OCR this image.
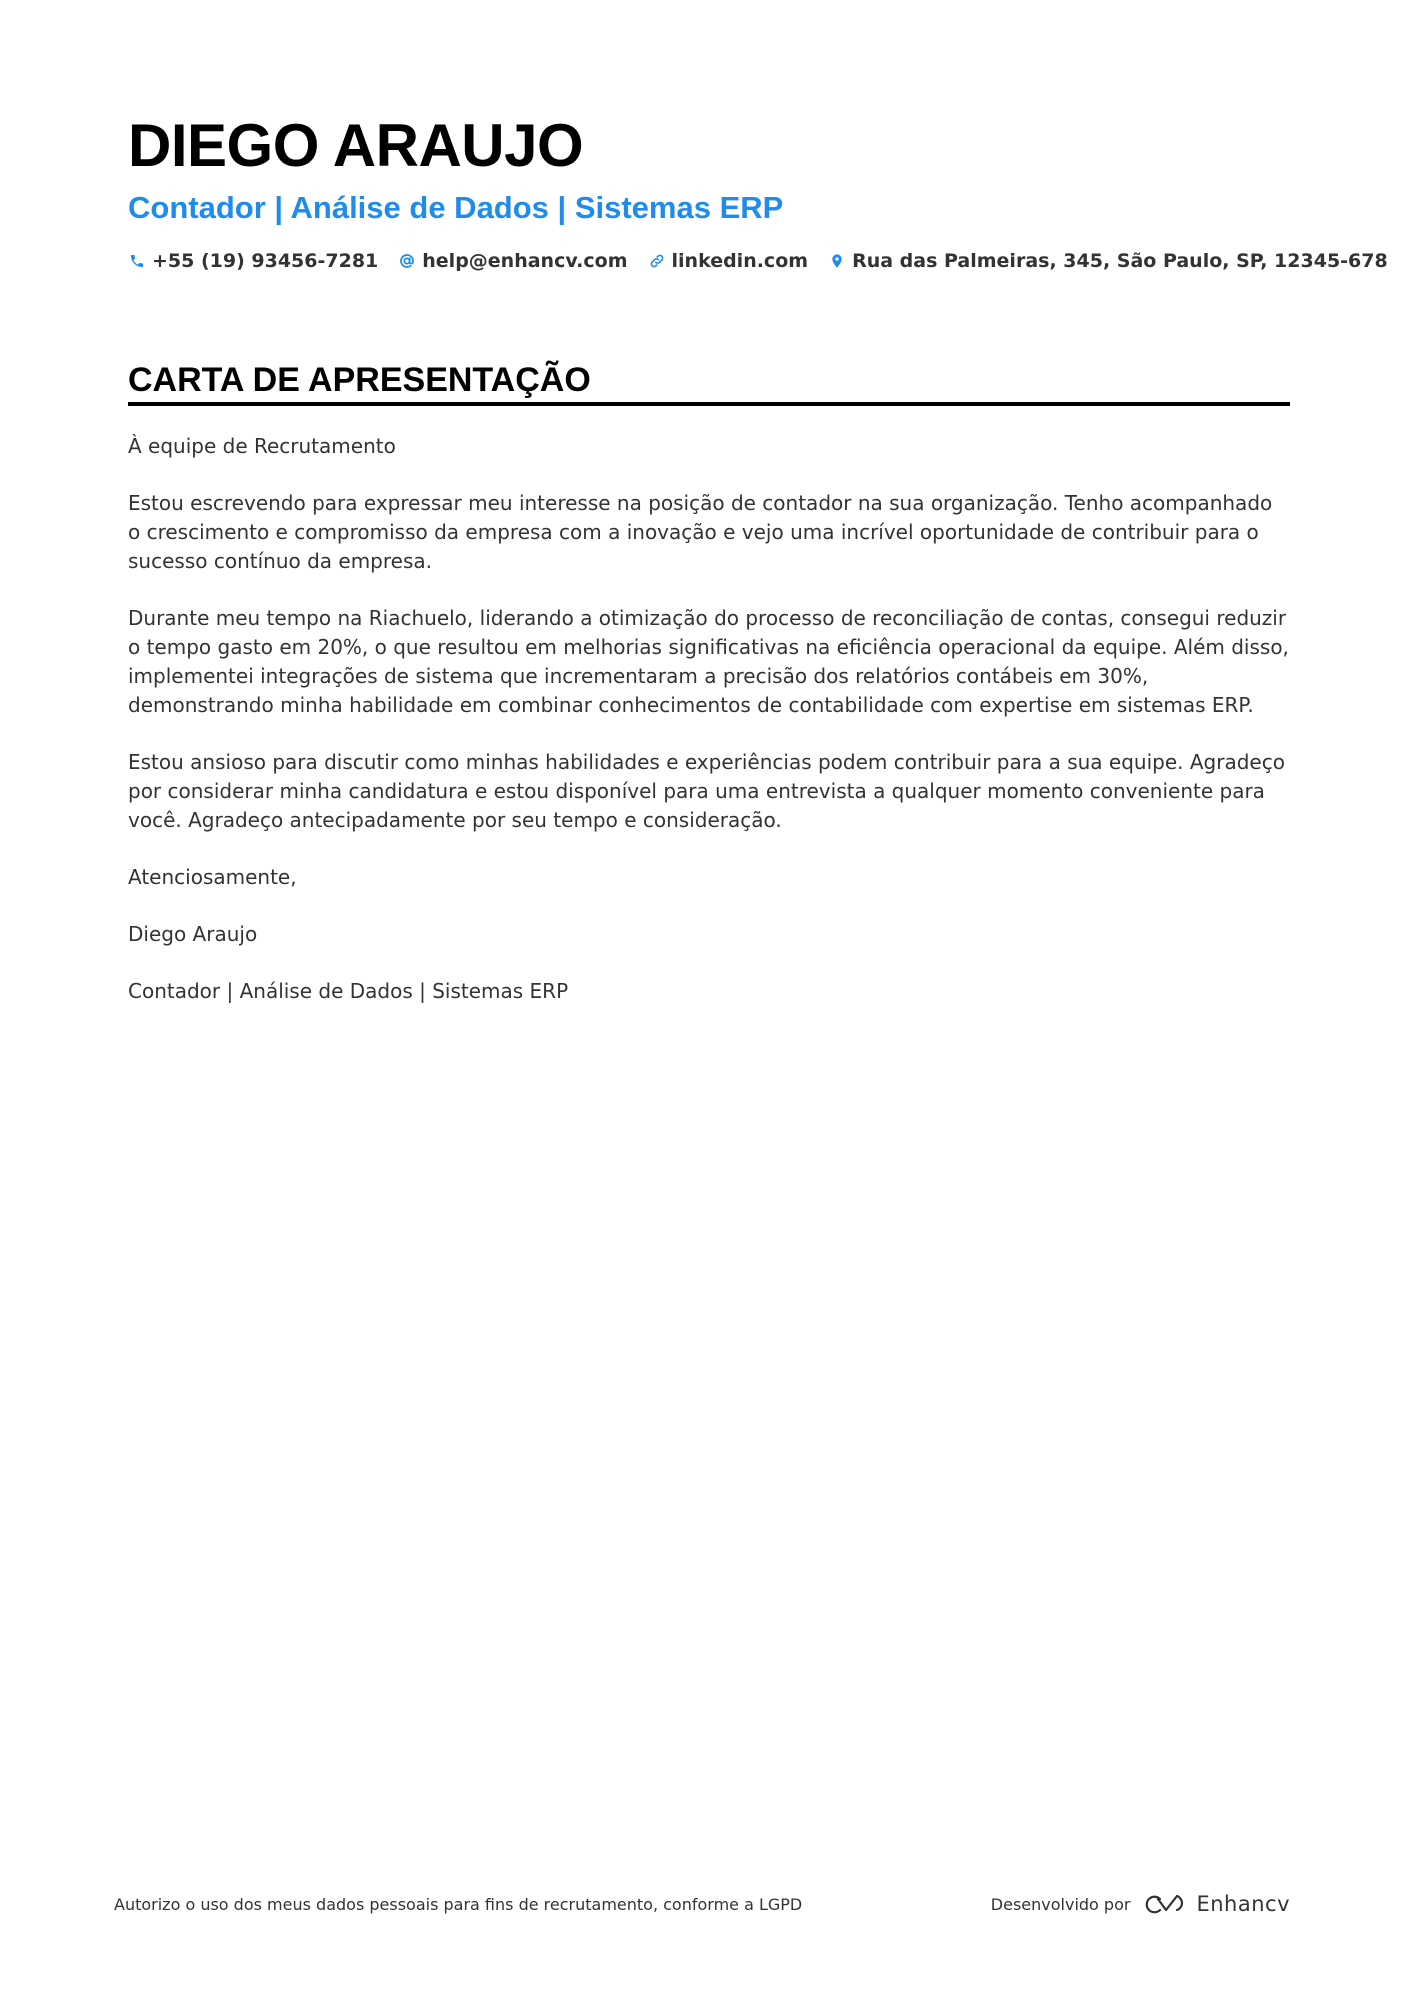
DIEGO ARAUJO
Contador | Análise de Dados | Sistemas ERP
+55 (19) 93456-7281 help@enhancv.com linkedin.com Rua das Palmeiras, 345, São Paulo, SP, 12345-678
CARTA DE APRESENTAÇÃO

À equipe de Recrutamento

Estou escrevendo para expressar meu interesse na posição de contador na sua organização. Tenho acompanhado o crescimento e compromisso da empresa com a inovação e vejo uma incrível oportunidade de contribuir para o sucesso contínuo da empresa.

Durante meu tempo na Riachuelo, liderando a otimização do processo de reconciliação de contas, consegui reduzir o tempo gasto em 20%, o que resultou em melhorias significativas na eficiência operacional da equipe. Além disso, implementei integrações de sistema que incrementaram a precisão dos relatórios contábeis em 30%, demonstrando minha habilidade em combinar conhecimentos de contabilidade com expertise em sistemas ERP.

Estou ansioso para discutir como minhas habilidades e experiências podem contribuir para a sua equipe. Agradeço por considerar minha candidatura e estou disponível para uma entrevista a qualquer momento conveniente para você. Agradeço antecipadamente por seu tempo e consideração.

Atenciosamente,

Diego Araujo

Contador | Análise de Dados | Sistemas ERP

Autorizo o uso dos meus dados pessoais para fins de recrutamento, conforme a LGPD	Desenvolvido por	Enhancv
